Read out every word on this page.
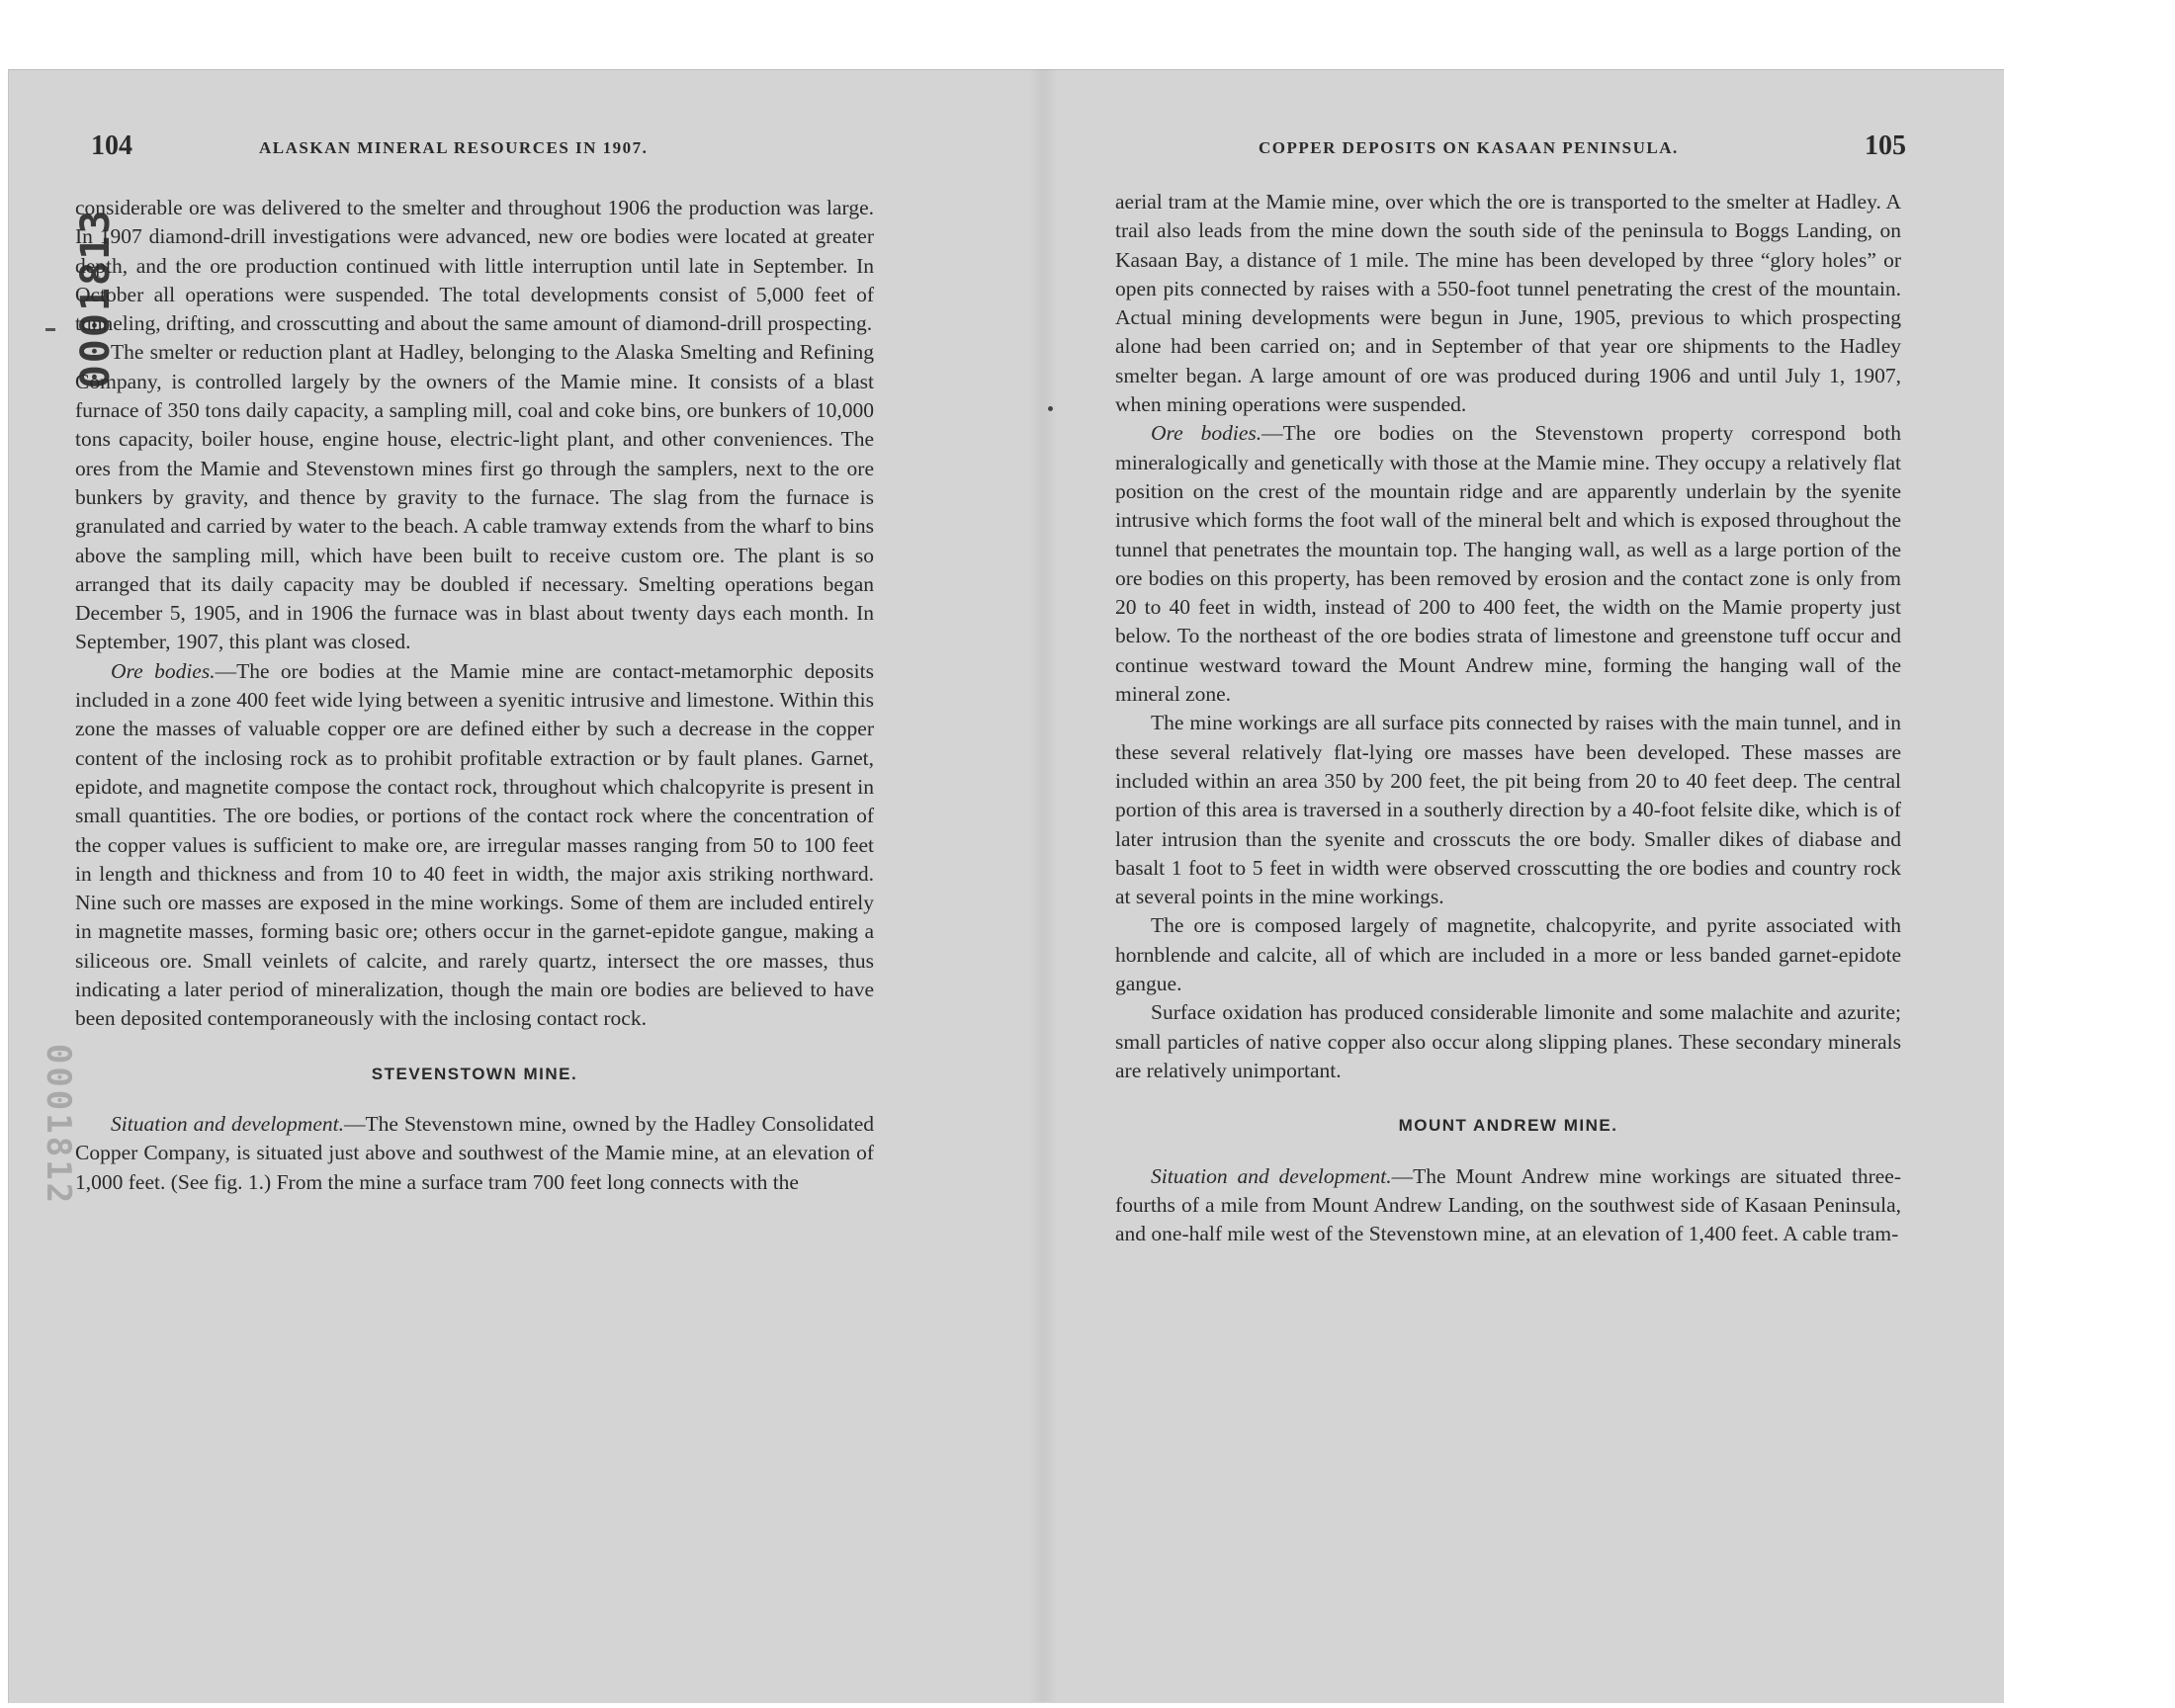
0001813
0001812
104	ALASKAN MINERAL RESOURCES IN 1907.

considerable ore was delivered to the smelter and throughout 1906 the production was large. In 1907 diamond-drill investigations were advanced, new ore bodies were located at greater depth, and the ore production continued with little interruption until late in September. In October all operations were suspended. The total developments consist of 5,000 feet of tunneling, drifting, and crosscutting and about the same amount of diamond-drill prospecting.

The smelter or reduction plant at Hadley, belonging to the Alaska Smelting and Refining Company, is controlled largely by the owners of the Mamie mine. It consists of a blast furnace of 350 tons daily capacity, a sampling mill, coal and coke bins, ore bunkers of 10,000 tons capacity, boiler house, engine house, electric-light plant, and other conveniences. The ores from the Mamie and Stevenstown mines first go through the samplers, next to the ore bunkers by gravity, and thence by gravity to the furnace. The slag from the furnace is granulated and carried by water to the beach. A cable tramway extends from the wharf to bins above the sampling mill, which have been built to receive custom ore. The plant is so arranged that its daily capacity may be doubled if necessary. Smelting operations began December 5, 1905, and in 1906 the furnace was in blast about twenty days each month. In September, 1907, this plant was closed.

Ore bodies.—The ore bodies at the Mamie mine are contact-metamorphic deposits included in a zone 400 feet wide lying between a syenitic intrusive and limestone. Within this zone the masses of valuable copper ore are defined either by such a decrease in the copper content of the inclosing rock as to prohibit profitable extraction or by fault planes. Garnet, epidote, and magnetite compose the contact rock, throughout which chalcopyrite is present in small quantities. The ore bodies, or portions of the contact rock where the concentration of the copper values is sufficient to make ore, are irregular masses ranging from 50 to 100 feet in length and thickness and from 10 to 40 feet in width, the major axis striking northward. Nine such ore masses are exposed in the mine workings. Some of them are included entirely in magnetite masses, forming basic ore; others occur in the garnet-epidote gangue, making a siliceous ore. Small veinlets of calcite, and rarely quartz, intersect the ore masses, thus indicating a later period of mineralization, though the main ore bodies are believed to have been deposited contemporaneously with the inclosing contact rock.

STEVENSTOWN MINE.

Situation and development.—The Stevenstown mine, owned by the Hadley Consolidated Copper Company, is situated just above and southwest of the Mamie mine, at an elevation of 1,000 feet. (See fig. 1.) From the mine a surface tram 700 feet long connects with the

COPPER DEPOSITS ON KASAAN PENINSULA.	105

aerial tram at the Mamie mine, over which the ore is transported to the smelter at Hadley. A trail also leads from the mine down the south side of the peninsula to Boggs Landing, on Kasaan Bay, a distance of 1 mile. The mine has been developed by three “glory holes” or open pits connected by raises with a 550-foot tunnel penetrating the crest of the mountain. Actual mining developments were begun in June, 1905, previous to which prospecting alone had been carried on; and in September of that year ore shipments to the Hadley smelter began. A large amount of ore was produced during 1906 and until July 1, 1907, when mining operations were suspended.

Ore bodies.—The ore bodies on the Stevenstown property correspond both mineralogically and genetically with those at the Mamie mine. They occupy a relatively flat position on the crest of the mountain ridge and are apparently underlain by the syenite intrusive which forms the foot wall of the mineral belt and which is exposed throughout the tunnel that penetrates the mountain top. The hanging wall, as well as a large portion of the ore bodies on this property, has been removed by erosion and the contact zone is only from 20 to 40 feet in width, instead of 200 to 400 feet, the width on the Mamie property just below. To the northeast of the ore bodies strata of limestone and greenstone tuff occur and continue westward toward the Mount Andrew mine, forming the hanging wall of the mineral zone.

The mine workings are all surface pits connected by raises with the main tunnel, and in these several relatively flat-lying ore masses have been developed. These masses are included within an area 350 by 200 feet, the pit being from 20 to 40 feet deep. The central portion of this area is traversed in a southerly direction by a 40-foot felsite dike, which is of later intrusion than the syenite and crosscuts the ore body. Smaller dikes of diabase and basalt 1 foot to 5 feet in width were observed crosscutting the ore bodies and country rock at several points in the mine workings.

The ore is composed largely of magnetite, chalcopyrite, and pyrite associated with hornblende and calcite, all of which are included in a more or less banded garnet-epidote gangue.

Surface oxidation has produced considerable limonite and some malachite and azurite; small particles of native copper also occur along slipping planes. These secondary minerals are relatively unimportant.

MOUNT ANDREW MINE.

Situation and development.—The Mount Andrew mine workings are situated three-fourths of a mile from Mount Andrew Landing, on the southwest side of Kasaan Peninsula, and one-half mile west of the Stevenstown mine, at an elevation of 1,400 feet. A cable tram-
